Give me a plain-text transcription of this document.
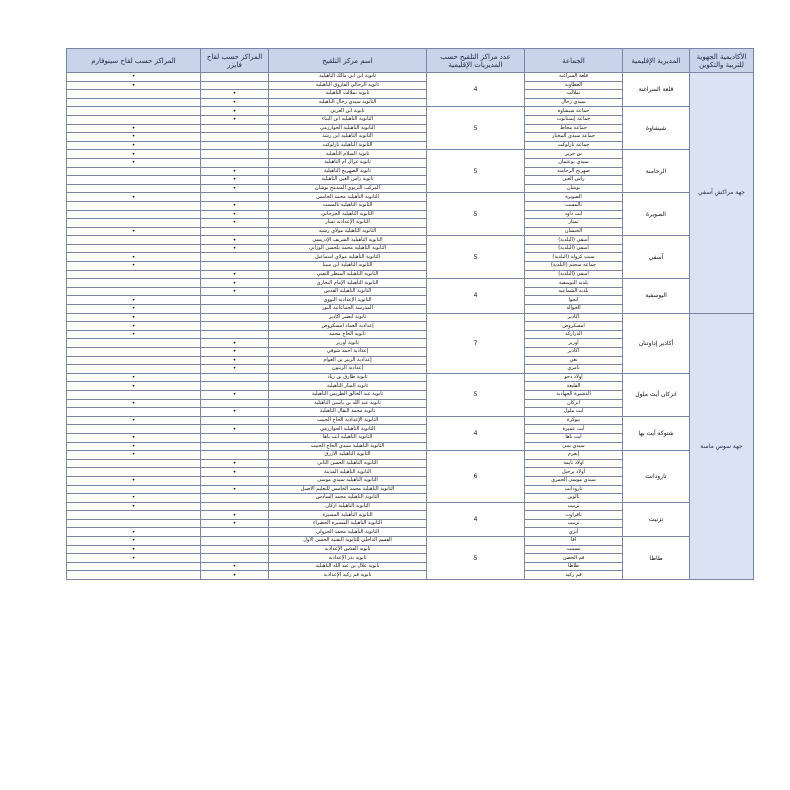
الأكاديمية الجهوية للتربية والتكوين	المديرية الإقليمية	الجماعة	عدد مراكز التلقيح حسب المديريات الإقليمية	اسم مركز التلقيح	المراكز حسب لقاح فايزر	المراكز حسب لقاح سينوفارم
جهة مراكش آسفي	قلعة السراغنة	قلعة السراغنة	4	ثانوية ابن أبي مالك التأهيلية		•
		العطاوية		ثانوية الرحالي الفاروق التأهيلية		•
		تملالت		ثانوية تملالت التأهيلية	•	
		سيدي رحال		الثانوية سيدي رحال التأهيلية	•	
	شيشاوة	جماعة شيشاوة	5	ثانوية ابن العربي	•	
		جماعة إيمنتانوت		الثانوية التأهيلية ابن البناء	•	
		جماعة مجاط		الثانوية التأهيلية الخوارزمي		•
		جماعة سيدي المختار		الثانوية التأهيلية ابن رشد		•
		جماعة تازلوكت		الثانوية التأهيلية تازلوكت		•
	الرحامنة	بن جرير	5	ثانوية السلام التأهيلية		•
		سيدي بوعثمان		ثانوية غزال أم التأهيلية		•
		صهريج الرحامنة		ثانوية الصهريج التأهيلية	•	
		رأس العين		ثانوية رأس العين التأهيلية	•	
		بوشان		المركب التربوي المندمج بوشان	•	
	الصويرة	الصويرة	5	الثانوية التأهيلية محمد الخامس		•
		تالمست		الثانوية التأهيلية تالمست	•	
		أيت داود		الثانوية التأهيلية الجرجاني	•	
		تمنار		الثانوية الإعدادية تمنار	•	
		الحنشان		الثانوية التأهيلية مولاي رشيد		•
	آسفي	آسفي (البلدية)	5	الثانوية التأهيلية الشريف الإدريسي	•	
		آسفي (البلدية)		الثانوية التأهيلية محمد بلحسن الوزاني	•	
		سبت كزولة (البلدية)		الثانوية التأهيلية مولاي اسماعيل		•
		جماعة سحيم (البلدية)		الثانوية التأهيلية ابن سينا		•
		آسفي (البلدية)		الثانوية التأهيلية المنظر التقني	•	
	اليوسفية	بلدية اليوسفية	4	الثانوية التأهيلية الإمام البخاري	•	
		بلدية الشماعية		الثانوية التأهيلية القدس	•	
		انجوا		الثانوية الإعدادية النووي		•
		الجوالة		المدرسة الجماعاتية النور		•
جهة سوس ماسة	أكادير إداوتنان	أكادير	7	ثانوية أنصير أكادير		•
		امسكروض		إعدادية العماد امسكروض		•
		الدراركة		ثانوية الحاج محمد		•
		أورير		ثانوية أورير	•	
		أكادير		إعدادية أحمد شوقي	•	
		تغي		إعدادية الزبير بن العوام	•	
		تامري		إعدادية الزيتون	•	
	انزكان أيت ملول	أولاد دحو	5	ثانوية طارق بن زياد		•
		القليعة		ثانوية المنار التأهيلية		•
		الدشيرة الجهادية		ثانوية عبد الخالق الطريس التأهيلية	•	
		انزكان		ثانوية عبد الله بن ياسين التأهيلية		•
		أيت ملول		ثانوية محمد البقال التأهيلية	•	
	شتوكة أيت بها	بيوكرة	4	الثانوية الإعدادية الحاج الحبيب		•
		أيت عميرة		الثانوية التأهيلية الخوارزمي	•	
		أيت باها		الثانوية التأهيلية أيت باها		•
		سيدي بيبي		الثانوية التأهيلية سيدي الحاج الحبيب		•
	تارودانت	إيغرم	6	الثانوية التأهيلية الأزرق		•
		أولاد تايمة		الثانوية التأهيلية الحسن الثاني	•	
		أولاد برحيل		الثانوية التأهيلية المدينة	•	
		سيدي موسى الحمري		الثانوية التأهيلية سيدي موسى		•
		تارودانت		الثانوية التأهيلية محمد الخامس للتعليم الأصيل	•	
		تالوين		الثانوية التأهيلية محمد السادس		•
	تزنيت	تزنيت	4	الثانوية التأهيلية أركان		•
		تافراوت		الثانوية التأهيلية المسيرة	•	
		تزنيت		الثانوية التأهيلية المسيرة الخضراء	•	
		أنزي		الثانوية التأهيلية محمد الجزولي		•
	طاطا	أقا	5	القسم الداخلي للثانوية التقنية الحسن الأول		•
		تسينت		ثانوية القدس الإعدادية		•
		فم الحصن		ثانوية بدر الإعدادية		•
		طاطا		ثانوية علال بن عبد الله التأهيلية	•	
		فم زكيد		ثانوية فم زكيد الإعدادية	•	
